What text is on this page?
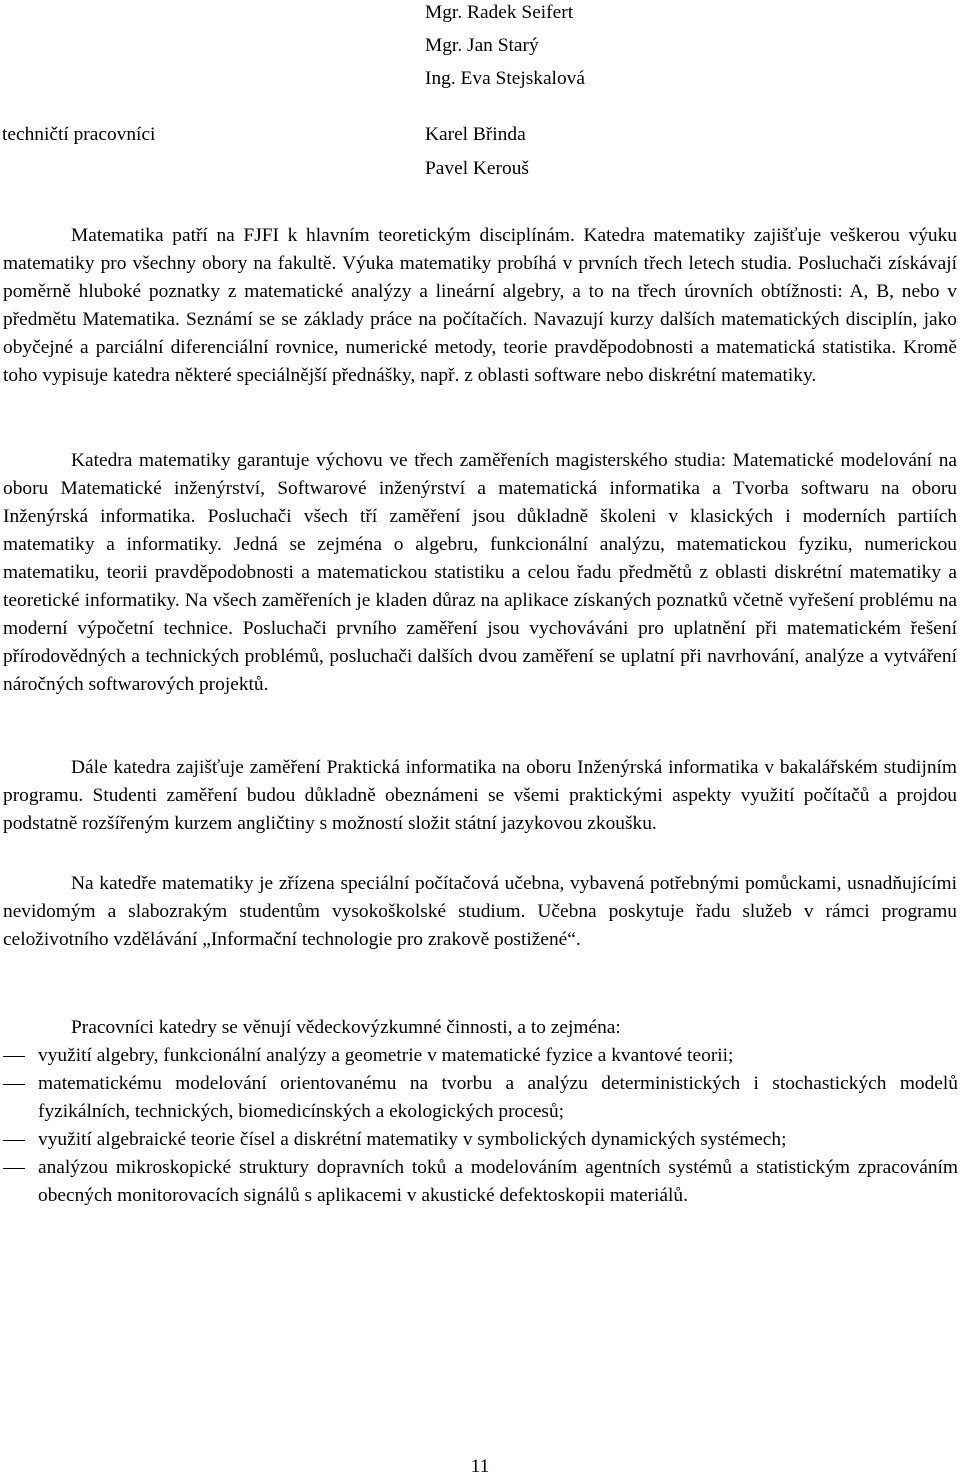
Mgr. Radek Seifert
Mgr. Jan Starý
Ing. Eva Stejskalová
techničtí pracovníci	Karel Břinda
Pavel Kerouš

Matematika patří na FJFI k hlavním teoretickým disciplínám. Katedra matematiky zajišťuje veškerou výuku matematiky pro všechny obory na fakultě. Výuka matematiky probíhá v prvních třech letech studia. Posluchači získávají poměrně hluboké poznatky z matematické analýzy a lineární algebry, a to na třech úrovních obtížnosti: A, B, nebo v předmětu Matematika. Seznámí se se základy práce na počítačích. Navazují kurzy dalších matematických disciplín, jako obyčejné a parciální diferenciální rovnice, numerické metody, teorie pravděpodobnosti a matematická statistika. Kromě toho vypisuje katedra některé speciálnější přednášky, např. z oblasti software nebo diskrétní matematiky.

Katedra matematiky garantuje výchovu ve třech zaměřeních magisterského studia: Matematické modelování na oboru Matematické inženýrství, Softwarové inženýrství a matematická informatika a Tvorba softwaru na oboru Inženýrská informatika. Posluchači všech tří zaměření jsou důkladně školeni v klasických i moderních partiích matematiky a informatiky. Jedná se zejména o algebru, funkcionální analýzu, matematickou fyziku, numerickou matematiku, teorii pravděpodobnosti a matematickou statistiku a celou řadu předmětů z oblasti diskrétní matematiky a teoretické informatiky. Na všech zaměřeních je kladen důraz na aplikace získaných poznatků včetně vyřešení problému na moderní výpočetní technice. Posluchači prvního zaměření jsou vychováváni pro uplatnění při matematickém řešení přírodovědných a technických problémů, posluchači dalších dvou zaměření se uplatní při navrhování, analýze a vytváření náročných softwarových projektů.

Dále katedra zajišťuje zaměření Praktická informatika na oboru Inženýrská informatika v bakalářském studijním programu. Studenti zaměření budou důkladně obeznámeni se všemi praktickými aspekty využití počítačů a projdou podstatně rozšířeným kurzem angličtiny s možností složit státní jazykovou zkoušku.

Na katedře matematiky je zřízena speciální počítačová učebna, vybavená potřebnými pomůckami, usnadňujícími nevidomým a slabozrakým studentům vysokoškolské studium. Učebna poskytuje řadu služeb v rámci programu celoživotního vzdělávání „Informační technologie pro zrakově postižené“.

Pracovníci katedry se věnují vědeckovýzkumné činnosti, a to zejména:

využití algebry, funkcionální analýzy a geometrie v matematické fyzice a kvantové teorii;
matematickému modelování orientovanému na tvorbu a analýzu deterministických i stochastických modelů fyzikálních, technických, biomedicínských a ekologických procesů;
využití algebraické teorie čísel a diskrétní matematiky v symbolických dynamických systémech;
analýzou mikroskopické struktury dopravních toků a modelováním agentních systémů a statistickým zpracováním obecných monitorovacích signálů s aplikacemi v akustické defektoskopii materiálů.
11
